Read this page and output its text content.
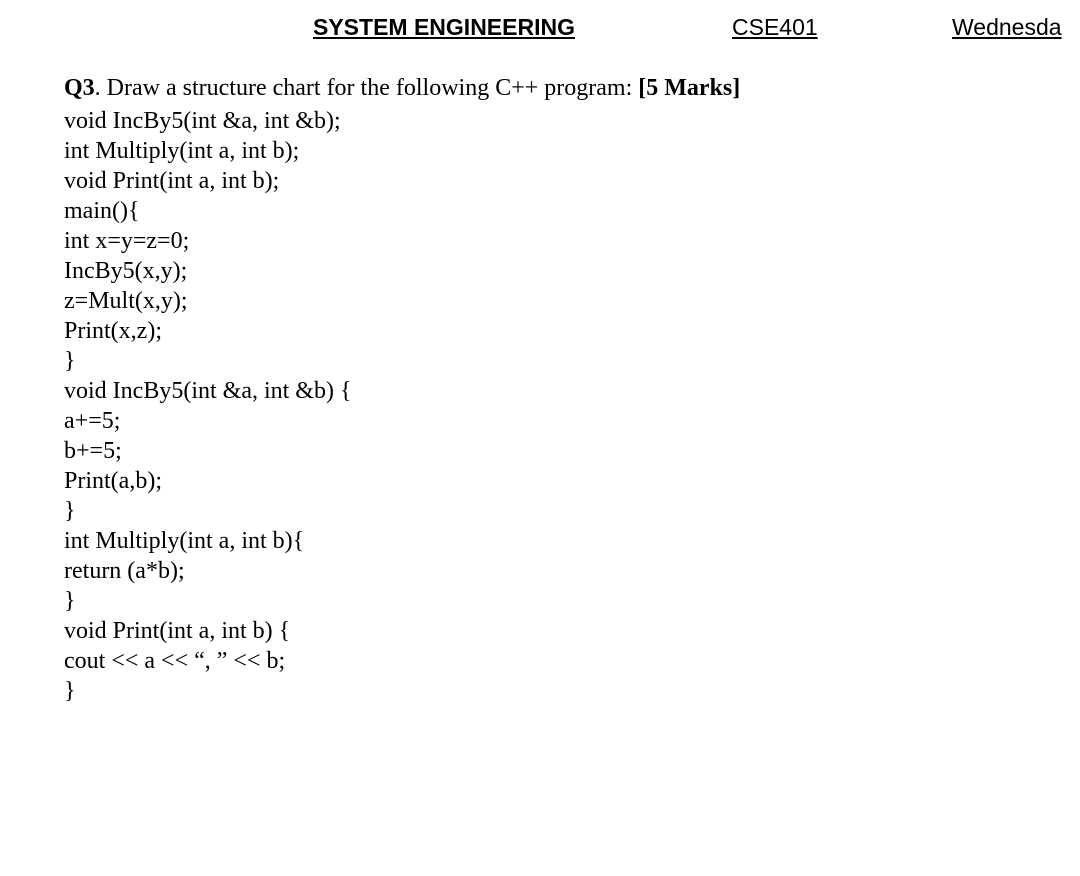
SYSTEM ENGINEERING	CSE401	Wednesda
Q3. Draw a structure chart for the following C++ program: [5 Marks]
void IncBy5(int &a, int &b);
int Multiply(int a, int b);
void Print(int a, int b);
main(){
int x=y=z=0;
IncBy5(x,y);
z=Mult(x,y);
Print(x,z);
}
void IncBy5(int &a, int &b) {
a+=5;
b+=5;
Print(a,b);
}
int Multiply(int a, int b){
return (a*b);
}
void Print(int a, int b) {
cout << a << “, ” << b;
}
